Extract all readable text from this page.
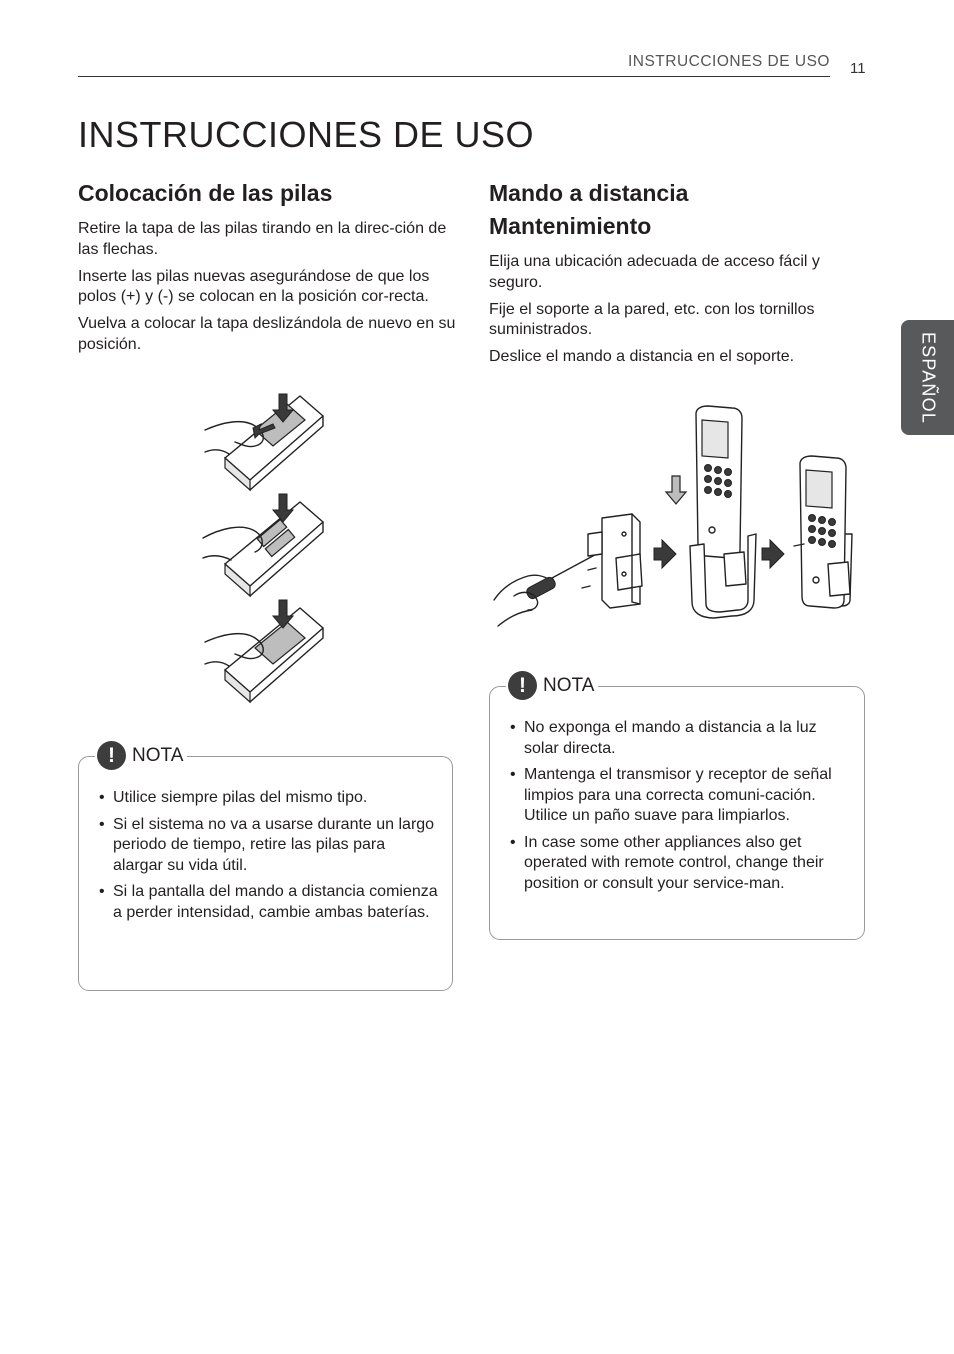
INSTRUCCIONES DE USO 11
INSTRUCCIONES DE USO
ESPAÑOL
Colocación de las pilas

Retire la tapa de las pilas tirando en la direc-ción de las flechas.

Inserte las pilas nuevas asegurándose de que los polos (+) y (-) se colocan en la posición cor-recta.

Vuelva a colocar la tapa deslizándola de nuevo en su posición.

! NOTA
• Utilice siempre pilas del mismo tipo.
• Si el sistema no va a usarse durante un largo periodo de tiempo, retire las pilas para alargar su vida útil.
• Si la pantalla del mando a distancia comienza a perder intensidad, cambie ambas baterías.
Mando a distancia
Mantenimiento

Elija una ubicación adecuada de acceso fácil y seguro.

Fije el soporte a la pared, etc. con los tornillos suministrados.

Deslice el mando a distancia en el soporte.

! NOTA
• No exponga el mando a distancia a la luz solar directa.
• Mantenga el transmisor y receptor de señal limpios para una correcta comuni-cación. Utilice un paño suave para limpiarlos.
• In case some other appliances also get operated with remote control, change their position or consult your service-man.
